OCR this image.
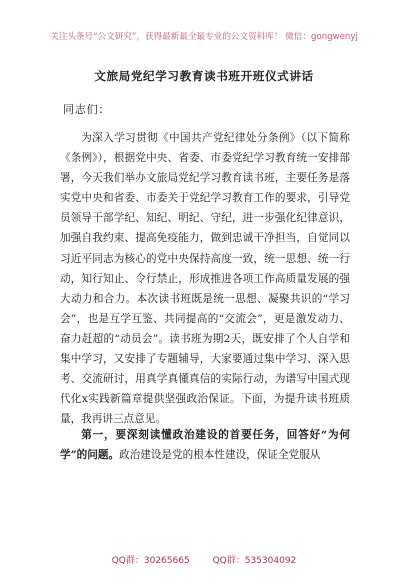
关注头条号“公文研究”，获得最新最全最专业的公文资料库！ 微信：gongwenyj
文旅局党纪学习教育读书班开班仪式讲话
同志们：

为深入学习贯彻《中国共产党纪律处分条例》（以下简称《条例》），根据党中央、省委、市委党纪学习教育统一安排部署，今天我们举办文旅局党纪学习教育读书班，主要任务是落实党中央和省委、市委关于党纪学习教育工作的要求，引导党员领导干部学纪、知纪、明纪、守纪，进一步强化纪律意识，加强自我约束、提高免疫能力，做到忠诚干净担当，自觉同以习近平同志为核心的党中央保持高度一致，统一思想、统一行动，知行知止、令行禁止，形成推进各项工作高质量发展的强大动力和合力。本次读书班既是统一思想、凝聚共识的“学习会”，也是互学互鉴、共同提高的“交流会”，更是激发动力、奋力赶超的“动员会”。读书班为期2天，既安排了个人自学和集中学习，又安排了专题辅导，大家要通过集中学习、深入思考、交流研讨，用真学真懂真信的实际行动，为谱写中国式现代化x实践新篇章提供坚强政治保证。下面，为提升读书班质量，我再讲三点意见。

第一，要深刻读懂政治建设的首要任务，回答好“为何学”的问题。政治建设是党的根本性建设，保证全党服从

QQ群：30265665        QQ群：535304092
